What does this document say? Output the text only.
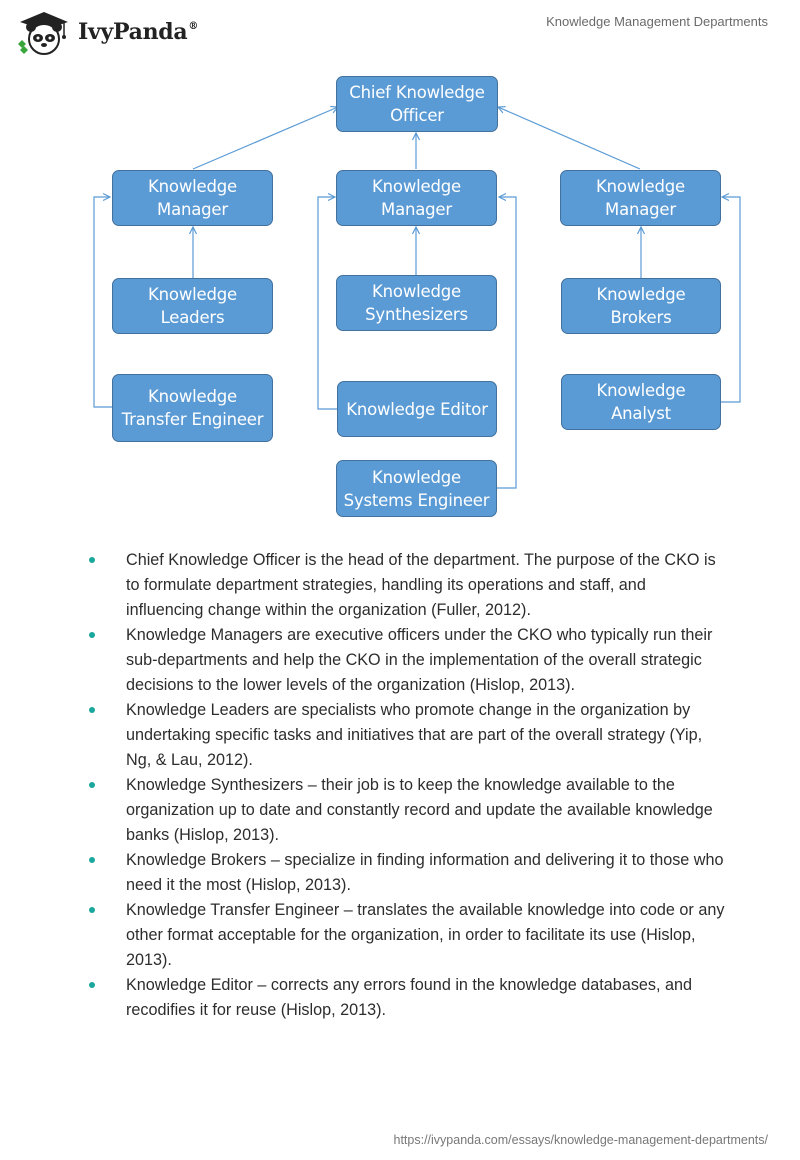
IvyPanda®	Knowledge Management Departments
Chief Knowledge
Officer
Knowledge
Manager
Knowledge
Manager
Knowledge
Manager
Knowledge
Leaders
Knowledge
Synthesizers
Knowledge
Brokers
Knowledge
Transfer Engineer
Knowledge Editor
Knowledge
Analyst
Knowledge
Systems Engineer
Chief Knowledge Officer is the head of the department. The purpose of the CKO is to formulate department strategies, handling its operations and staff, and influencing change within the organization (Fuller, 2012).
Knowledge Managers are executive officers under the CKO who typically run their sub-departments and help the CKO in the implementation of the overall strategic decisions to the lower levels of the organization (Hislop, 2013).
Knowledge Leaders are specialists who promote change in the organization by undertaking specific tasks and initiatives that are part of the overall strategy (Yip, Ng, & Lau, 2012).
Knowledge Synthesizers – their job is to keep the knowledge available to the organization up to date and constantly record and update the available knowledge banks (Hislop, 2013).
Knowledge Brokers – specialize in finding information and delivering it to those who need it the most (Hislop, 2013).
Knowledge Transfer Engineer – translates the available knowledge into code or any other format acceptable for the organization, in order to facilitate its use (Hislop, 2013).
Knowledge Editor – corrects any errors found in the knowledge databases, and recodifies it for reuse (Hislop, 2013).
https://ivypanda.com/essays/knowledge-management-departments/
